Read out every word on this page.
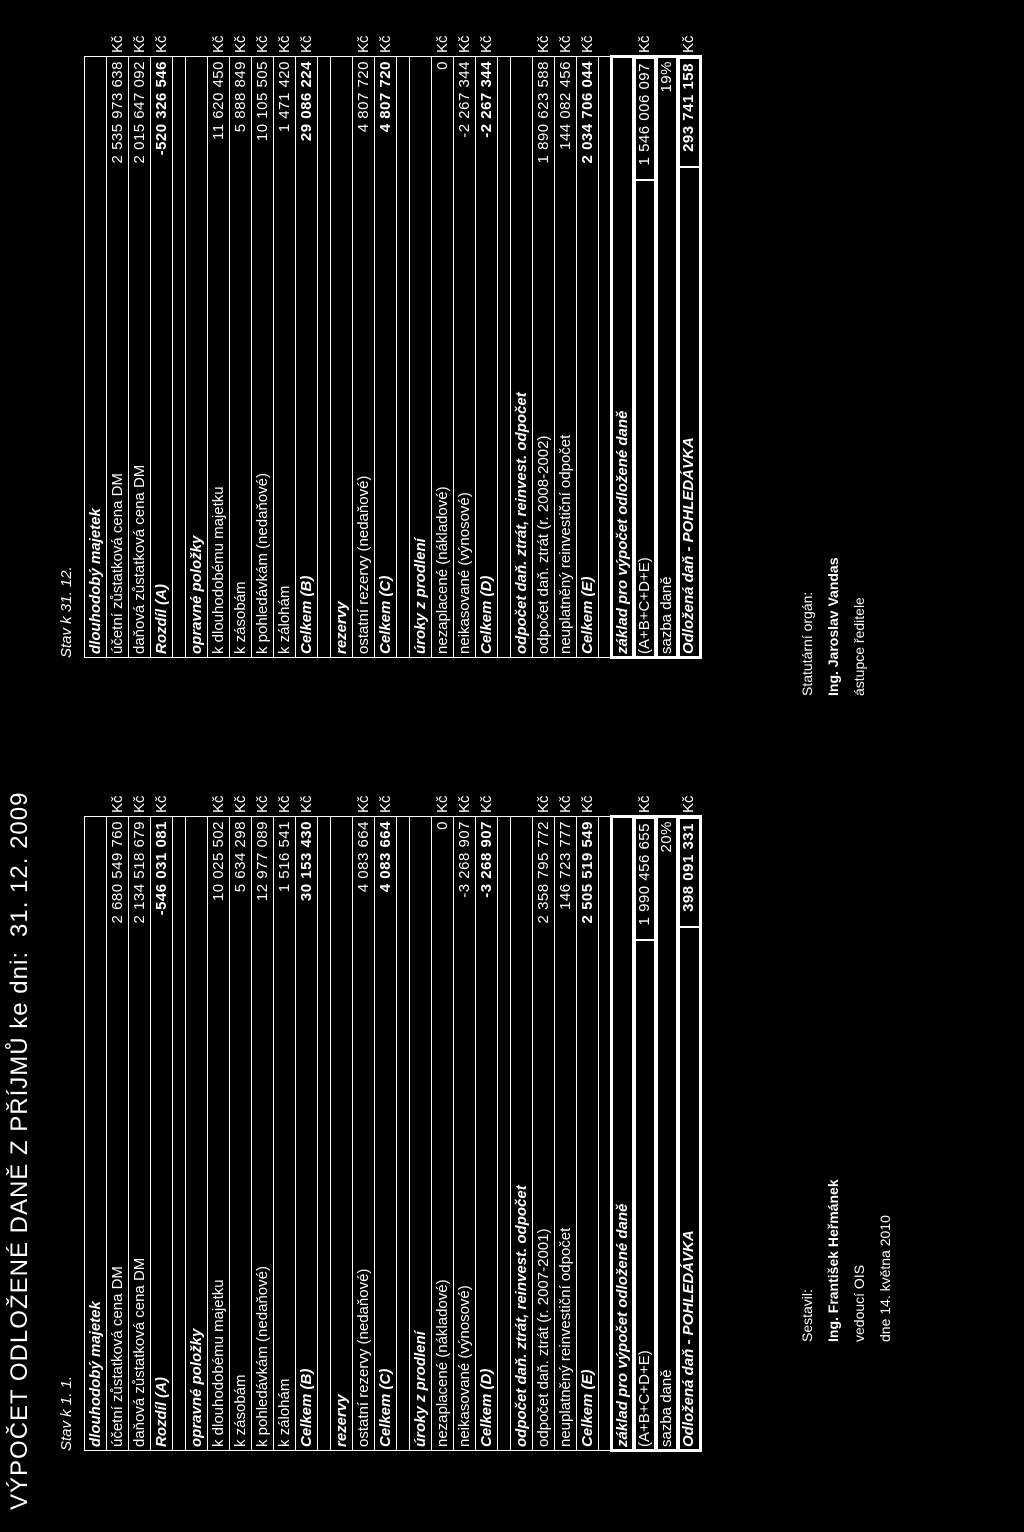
VÝPOČET ODLOŽENÉ DANĚ Z PŘÍJMŮ ke dni:31. 12. 2009
Stav k 1. 1.
Stav k 31. 12.
dlouhodobý majetek účetní zůstatková cena DM
2 680 549 760
Kč
daňová zůstatková cena DM
2 134 518 679
Kč
Rozdíl (A)
-546 031 081
Kč
opravné položky k dlouhodobému majetku
10 025 502
Kč
k zásobám
5 634 298
Kč
k pohledávkám (nedaňové)
12 977 089
Kč
k zálohám
1 516 541
Kč
Celkem (B)
30 153 430
Kč
rezervy ostatní rezervy (nedaňové)
4 083 664
Kč
Celkem (C)
4 083 664
Kč
úroky z prodlení nezaplacené (nákladové)
0
Kč
neikasované (výnosové)
-3 268 907
Kč
Celkem (D)
-3 268 907
Kč
odpočet daň. ztrát, reinvest. odpočet odpočet daň. ztrát (r. 2007-2001)
2 358 795 772
Kč
neuplatněný reinvestiční odpočet
146 723 777
Kč
Celkem (E)
2 505 519 549
Kč
základ pro výpočet odložené daně (A+B+C+D+E)
1 990 456 655
Kč
sazba daně
20%
Odložená daň - POHLEDÁVKA
398 091 331
Kč
dlouhodobý majetek účetní zůstatková cena DM
2 535 973 638
Kč
daňová zůstatková cena DM
2 015 647 092
Kč
Rozdíl (A)
-520 326 546
Kč
opravné položky k dlouhodobému majetku
11 620 450
Kč
k zásobám
5 888 849
Kč
k pohledávkám (nedaňové)
10 105 505
Kč
k zálohám
1 471 420
Kč
Celkem (B)
29 086 224
Kč
rezervy ostatní rezervy (nedaňové)
4 807 720
Kč
Celkem (C)
4 807 720
Kč
úroky z prodlení nezaplacené (nákladové)
0
Kč
neikasované (výnosové)
-2 267 344
Kč
Celkem (D)
-2 267 344
Kč
odpočet daň. ztrát, reinvest. odpočet odpočet daň. ztrát (r. 2008-2002)
1 890 623 588
Kč
neuplatněný reinvestiční odpočet
144 082 456
Kč
Celkem (E)
2 034 706 044
Kč
základ pro výpočet odložené daně (A+B+C+D+E)
1 546 006 097
Kč
sazba daně
19%
Odložená daň - POHLEDÁVKA
293 741 158
Kč
Sestavil: Ing. František Heřmánek vedoucí OIS dne 14. května 2010
Statutární orgán: Ing. Jaroslav Vandas ástupce ředitele
